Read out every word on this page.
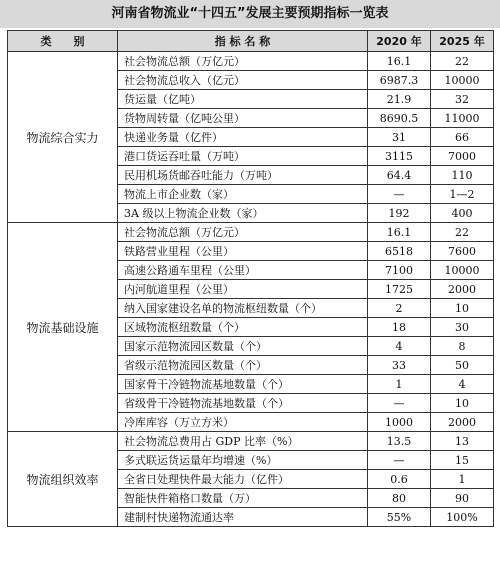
河南省物流业“十四五”发展主要预期指标一览表
类　　别	指 标 名 称	2020 年	2025 年
物流综合实力	社会物流总额（万亿元）	16.1	22
	社会物流总收入（亿元）	6987.3	10000
	货运量（亿吨）	21.9	32
	货物周转量（亿吨公里）	8690.5	11000
	快递业务量（亿件）	31	66
	港口货运吞吐量（万吨）	3115	7000
	民用机场货邮吞吐能力（万吨）	64.4	110
	物流上市企业数（家）	—	1—2
	3A 级以上物流企业数（家）	192	400
物流基础设施	社会物流总额（万亿元）	16.1	22
	铁路营业里程（公里）	6518	7600
	高速公路通车里程（公里）	7100	10000
	内河航道里程（公里）	1725	2000
	纳入国家建设名单的物流枢纽数量（个）	2	10
	区域物流枢纽数量（个）	18	30
	国家示范物流园区数量（个）	4	8
	省级示范物流园区数量（个）	33	50
	国家骨干冷链物流基地数量（个）	1	4
	省级骨干冷链物流基地数量（个）	—	10
	冷库库容（万立方米）	1000	2000
物流组织效率	社会物流总费用占 GDP 比率（%）	13.5	13
	多式联运货运量年均增速（%）	—	15
	全省日处理快件最大能力（亿件）	0.6	1
	智能快件箱格口数量（万）	80	90
	建制村快递物流通达率	55%	100%
